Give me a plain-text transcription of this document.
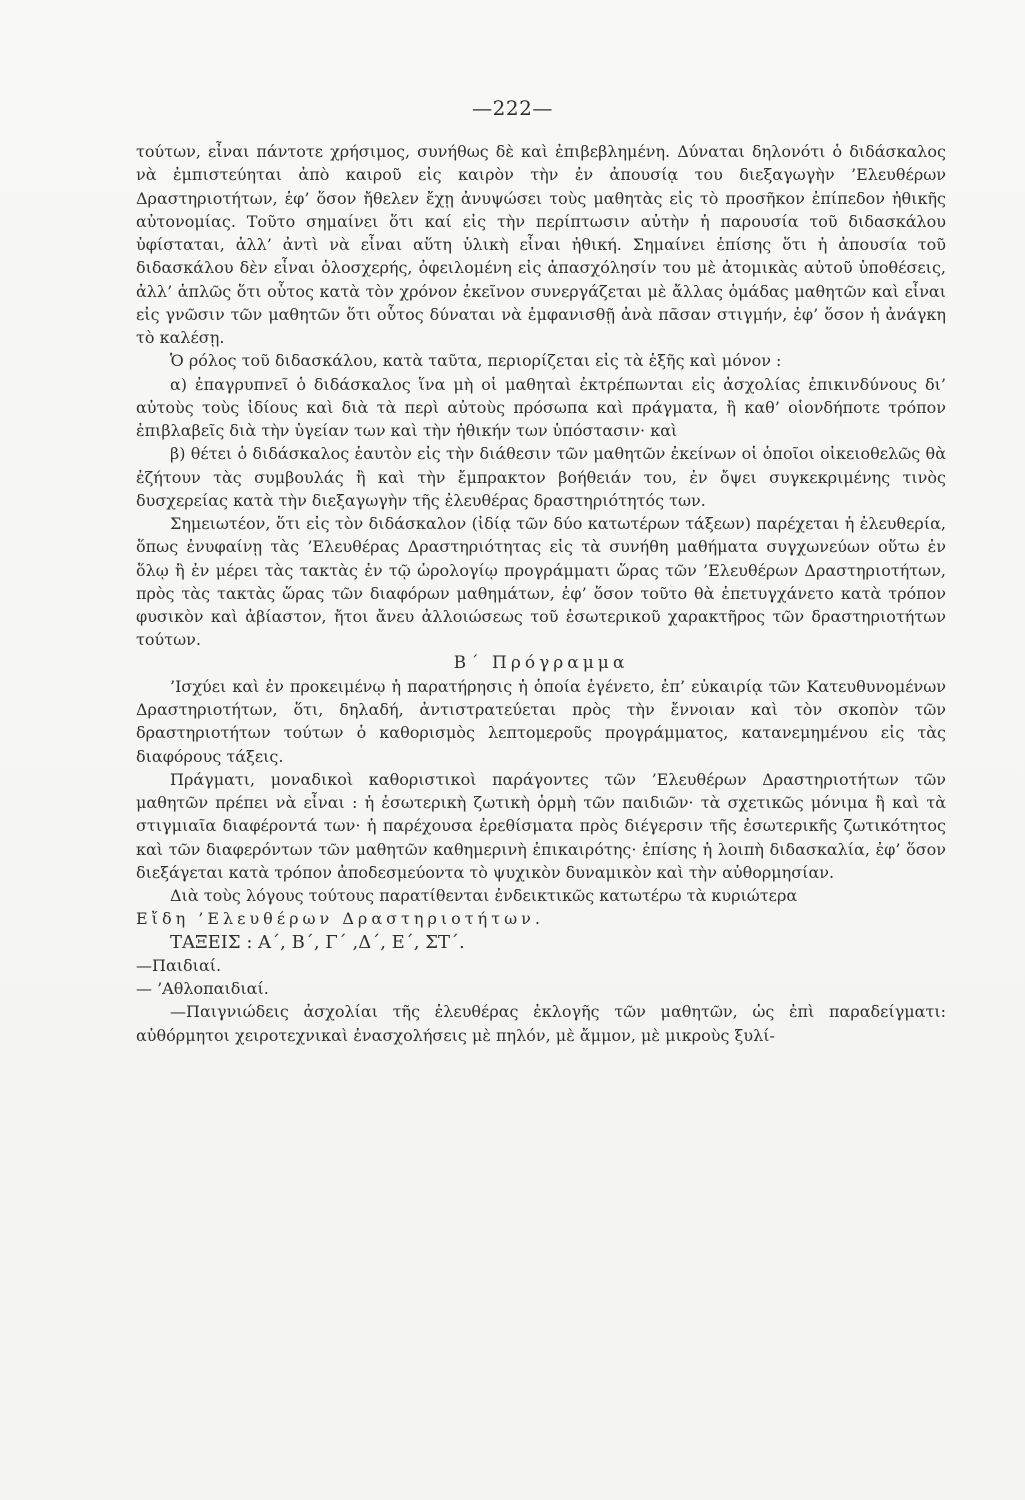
—222—

τούτων, εἶναι πάντοτε χρήσιμος, συνήθως δὲ καὶ ἐπιβεβλημένη. Δύναται δηλονότι ὁ διδάσκαλος νὰ ἐμπιστεύηται ἀπὸ καιροῦ εἰς καιρὸν τὴν ἐν ἀπουσίᾳ του διεξαγωγὴν ’Ελευθέρων Δραστηριοτήτων, ἐφ’ ὅσον ἤθελεν ἔχῃ ἀνυψώσει τοὺς μαθητὰς εἰς τὸ προσῆκον ἐπίπεδον ἠθικῆς αὐτονομίας. Τοῦτο σημαίνει ὅτι καί εἰς τὴν περίπτωσιν αὐτὴν ἡ παρουσία τοῦ διδασκάλου ὑφίσταται, ἀλλ’ ἀντὶ νὰ εἶναι αὕτη ὑλικὴ εἶναι ἠθική. Σημαίνει ἐπίσης ὅτι ἡ ἀπουσία τοῦ διδασκάλου δὲν εἶναι ὁλοσχερής, ὀφειλομένη εἰς ἀπασχόλησίν του μὲ ἀτομικὰς αὐτοῦ ὑποθέσεις, ἀλλ’ ἁπλῶς ὅτι οὗτος κατὰ τὸν χρόνον ἐκεῖνον συνεργάζεται μὲ ἄλλας ὁμάδας μαθητῶν καὶ εἶναι εἰς γνῶσιν τῶν μαθητῶν ὅτι οὗτος δύναται νὰ ἐμφανισθῇ ἀνὰ πᾶσαν στιγμήν, ἐφ’ ὅσον ἡ ἀνάγκη τὸ καλέσῃ.

Ὁ ρόλος τοῦ διδασκάλου, κατὰ ταῦτα, περιορίζεται εἰς τὰ ἑξῆς καὶ μόνον :

α) ἐπαγρυπνεῖ ὁ διδάσκαλος ἵνα μὴ οἱ μαθηταὶ ἐκτρέπωνται εἰς ἀσχολίας ἐπικινδύνους δι’ αὐτοὺς τοὺς ἰδίους καὶ διὰ τὰ περὶ αὐτοὺς πρόσωπα καὶ πράγματα, ἢ καθ’ οἱονδήποτε τρόπον ἐπιβλαβεῖς διὰ τὴν ὑγείαν των καὶ τὴν ἠθικήν των ὑπόστασιν· καὶ

β) θέτει ὁ διδάσκαλος ἑαυτὸν εἰς τὴν διάθεσιν τῶν μαθητῶν ἐκείνων οἱ ὁποῖοι οἰκειοθελῶς θὰ ἐζήτουν τὰς συμβουλάς ἢ καὶ τὴν ἔμπρακτον βοήθειάν του, ἐν ὄψει συγκεκριμένης τινὸς δυσχερείας κατὰ τὴν διεξαγωγὴν τῆς ἐλευθέρας δραστηριότητός των.

Σημειωτέον, ὅτι εἰς τὸν διδάσκαλον (ἰδίᾳ τῶν δύο κατωτέρων τάξεων) παρέχεται ἡ ἐλευθερία, ὅπως ἐνυφαίνῃ τὰς ’Ελευθέρας Δραστηριότητας εἰς τὰ συνήθη μαθήματα συγχωνεύων οὕτω ἐν ὅλῳ ἢ ἐν μέρει τὰς τακτὰς ἐν τῷ ὡρολογίῳ προγράμματι ὥρας τῶν ’Ελευθέρων Δραστηριοτήτων, πρὸς τὰς τακτὰς ὥρας τῶν διαφόρων μαθημάτων, ἐφ’ ὅσον τοῦτο θὰ ἐπετυγχάνετο κατὰ τρόπον φυσικὸν καὶ ἀβίαστον, ἤτοι ἄνευ ἀλλοιώσεως τοῦ ἐσωτερικοῦ χαρακτῆρος τῶν δραστηριοτήτων τούτων.

Β΄ Πρόγραμμα

’Ισχύει καὶ ἐν προκειμένῳ ἡ παρατήρησις ἡ ὁποία ἐγένετο, ἐπ’ εὐκαιρίᾳ τῶν Κατευθυνομένων Δραστηριοτήτων, ὅτι, δηλαδή, ἀντιστρατεύεται πρὸς τὴν ἔννοιαν καὶ τὸν σκοπὸν τῶν δραστηριοτήτων τούτων ὁ καθορισμὸς λεπτομεροῦς προγράμματος, κατανεμημένου εἰς τὰς διαφόρους τάξεις.

Πράγματι, μοναδικοὶ καθοριστικοὶ παράγοντες τῶν ’Ελευθέρων Δραστηριοτήτων τῶν μαθητῶν πρέπει νὰ εἶναι : ἡ ἐσωτερικὴ ζωτικὴ ὁρμὴ τῶν παιδιῶν· τὰ σχετικῶς μόνιμα ἢ καὶ τὰ στιγμιαῖα διαφέροντά των· ἡ παρέχουσα ἐρεθίσματα πρὸς διέγερσιν τῆς ἐσωτερικῆς ζωτικότητος καὶ τῶν διαφερόντων τῶν μαθητῶν καθημερινὴ ἐπικαιρότης· ἐπίσης ἡ λοιπὴ διδασκαλία, ἐφ’ ὅσον διεξάγεται κατὰ τρόπον ἀποδεσμεύοντα τὸ ψυχικὸν δυναμικὸν καὶ τὴν αὐθορμησίαν.

Διὰ τοὺς λόγους τούτους παρατίθενται ἐνδεικτικῶς κατωτέρω τὰ κυριώτερα

Εἴδη ’Ελευθέρων Δραστηριοτήτων.

ΤΑΞΕΙΣ : Α΄, Β΄, Γ΄ ,Δ΄, Ε΄, ΣΤ΄.

—Παιδιαί.

— ’Αθλοπαιδιαί.

—Παιγνιώδεις ἀσχολίαι τῆς ἐλευθέρας ἐκλογῆς τῶν μαθητῶν, ὡς ἐπὶ παραδείγματι: αὐθόρμητοι χειροτεχνικαὶ ἐνασχολήσεις μὲ πηλόν, μὲ ἄμμον, μὲ μικροὺς ξυλί-
